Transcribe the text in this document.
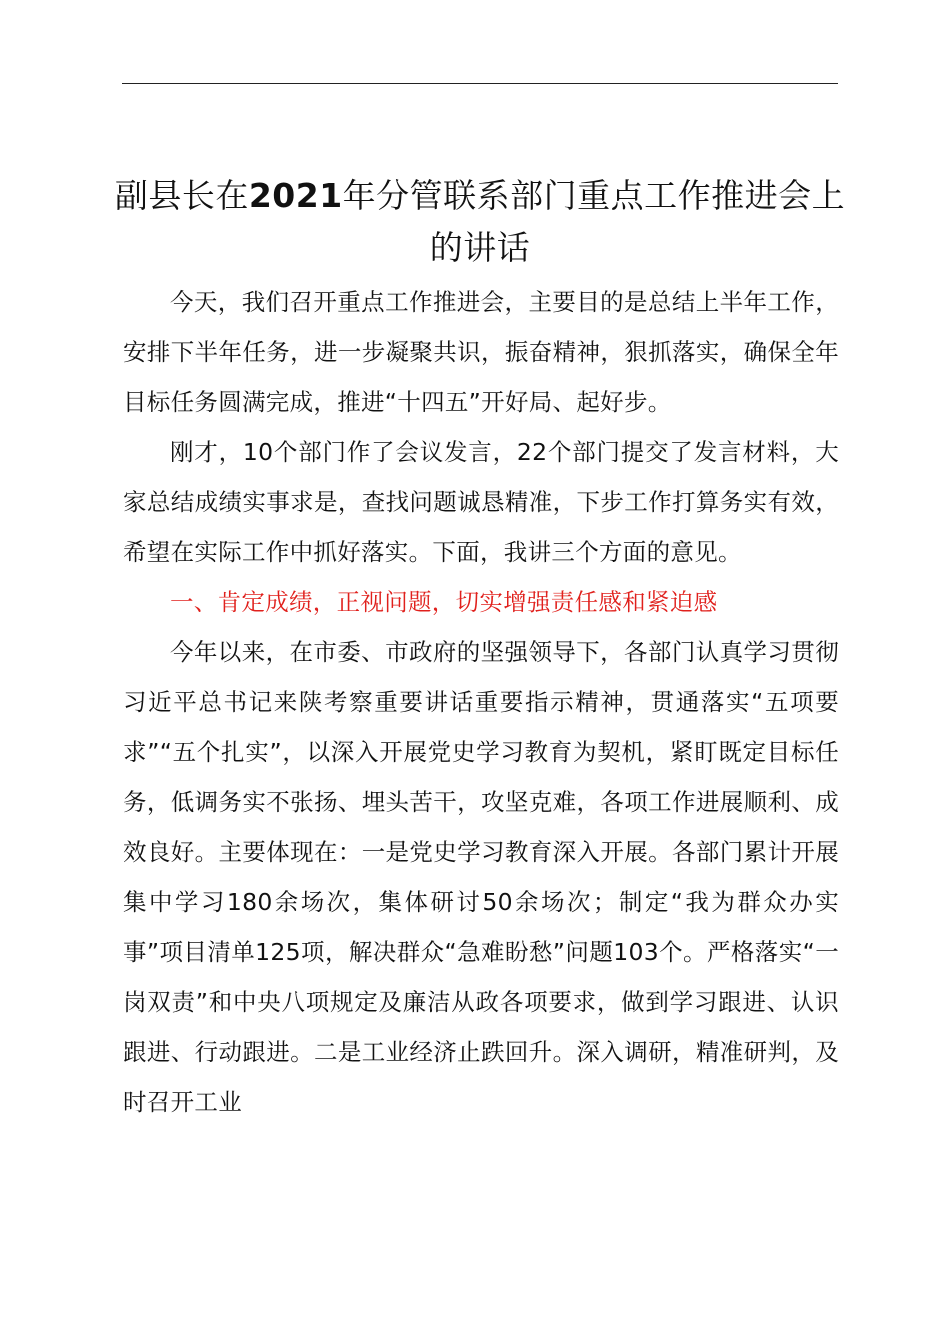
副县长在2021年分管联系部门重点工作推进会上的讲话

今天，我们召开重点工作推进会，主要目的是总结上半年工作，安排下半年任务，进一步凝聚共识，振奋精神，狠抓落实，确保全年目标任务圆满完成，推进“十四五”开好局、起好步。

刚才，10个部门作了会议发言，22个部门提交了发言材料，大家总结成绩实事求是，查找问题诚恳精准，下步工作打算务实有效，希望在实际工作中抓好落实。下面，我讲三个方面的意见。

一、肯定成绩，正视问题，切实增强责任感和紧迫感

今年以来，在市委、市政府的坚强领导下，各部门认真学习贯彻习近平总书记来陕考察重要讲话重要指示精神，贯通落实“五项要求”“五个扎实”，以深入开展党史学习教育为契机，紧盯既定目标任务，低调务实不张扬、埋头苦干，攻坚克难，各项工作进展顺利、成效良好。主要体现在：一是党史学习教育深入开展。各部门累计开展集中学习180余场次，集体研讨50余场次；制定“我为群众办实事”项目清单125项，解决群众“急难盼愁”问题103个。严格落实“一岗双责”和中央八项规定及廉洁从政各项要求，做到学习跟进、认识跟进、行动跟进。二是工业经济止跌回升。深入调研，精准研判，及时召开工业
